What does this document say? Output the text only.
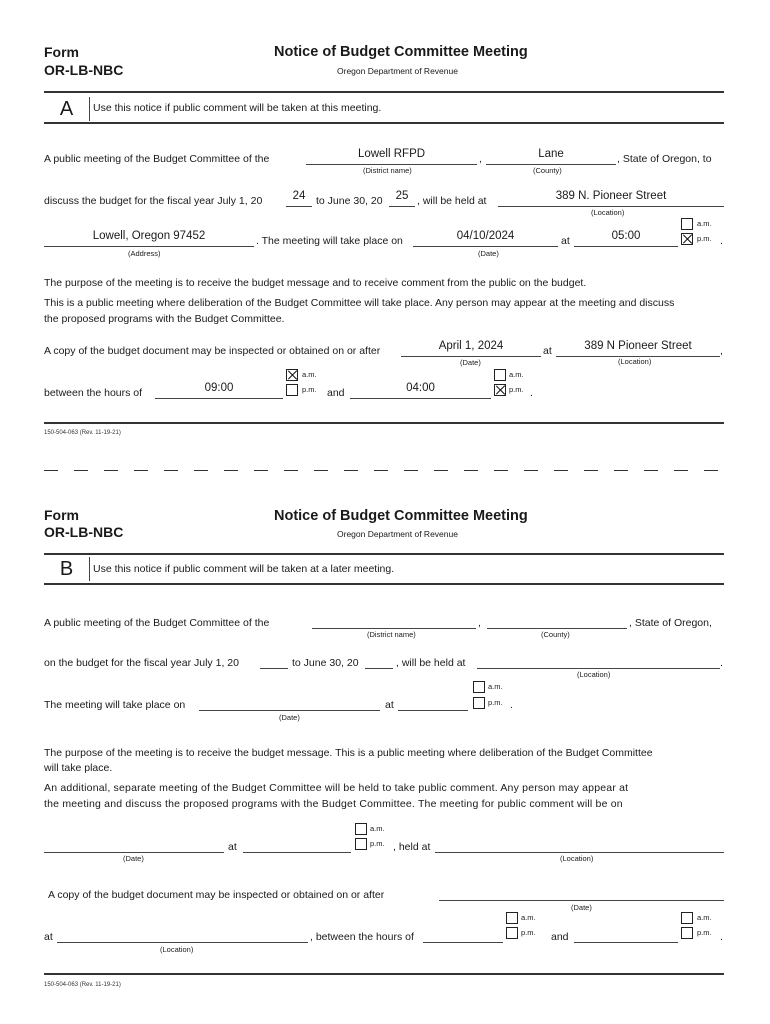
Form
OR-LB-NBC
Notice of Budget Committee Meeting
Oregon Department of Revenue
A	Use this notice if public comment will be taken at this meeting.
A public meeting of the Budget Committee of the	Lowell RFPD	,	Lane	, State of Oregon, to
(District name)	(County)
discuss the budget for the fiscal year July 1, 20	24	to June 30, 20	25 , will be held at	389 N. Pioneer Street
(Location)
Lowell, Oregon 97452	. The meeting will take place on	04/10/2024	at	05:00
a.m.
p.m. .
(Address)	(Date)
The purpose of the meeting is to receive the budget message and to receive comment from the public on the budget.
This is a public meeting where deliberation of the Budget Committee will take place. Any person may appear at the meeting and discuss
the proposed programs with the Budget Committee.
A copy of the budget document may be inspected or obtained on or after	April 1, 2024	at	389 N Pioneer Street	,
(Date)	(Location)
between the hours of	09:00
a.m.
p.m. and	04:00
a.m.
p.m. .
150-504-063 (Rev. 11-19-21)
Form
OR-LB-NBC
Notice of Budget Committee Meeting
Oregon Department of Revenue
B	Use this notice if public comment will be taken at a later meeting.
A public meeting of the Budget Committee of the	,	, State of Oregon,
(District name)	(County)
on the budget for the fiscal year July 1, 20	to June 30, 20	, will be held at	.
(Location)
The meeting will take place on	at
a.m.
p.m. .
(Date)
The purpose of the meeting is to receive the budget message. This is a public meeting where deliberation of the Budget Committee
will take place.
An additional, separate meeting of the Budget Committee will be held to take public comment. Any person may appear at
the meeting and discuss the proposed programs with the Budget Committee. The meeting for public comment will be on
at
a.m.
p.m. , held at
(Date)	(Location)
A copy of the budget document may be inspected or obtained on or after
(Date)
at	, between the hours of
a.m.
p.m. and
a.m.
p.m. .
(Location)
150-504-063 (Rev. 11-19-21)
